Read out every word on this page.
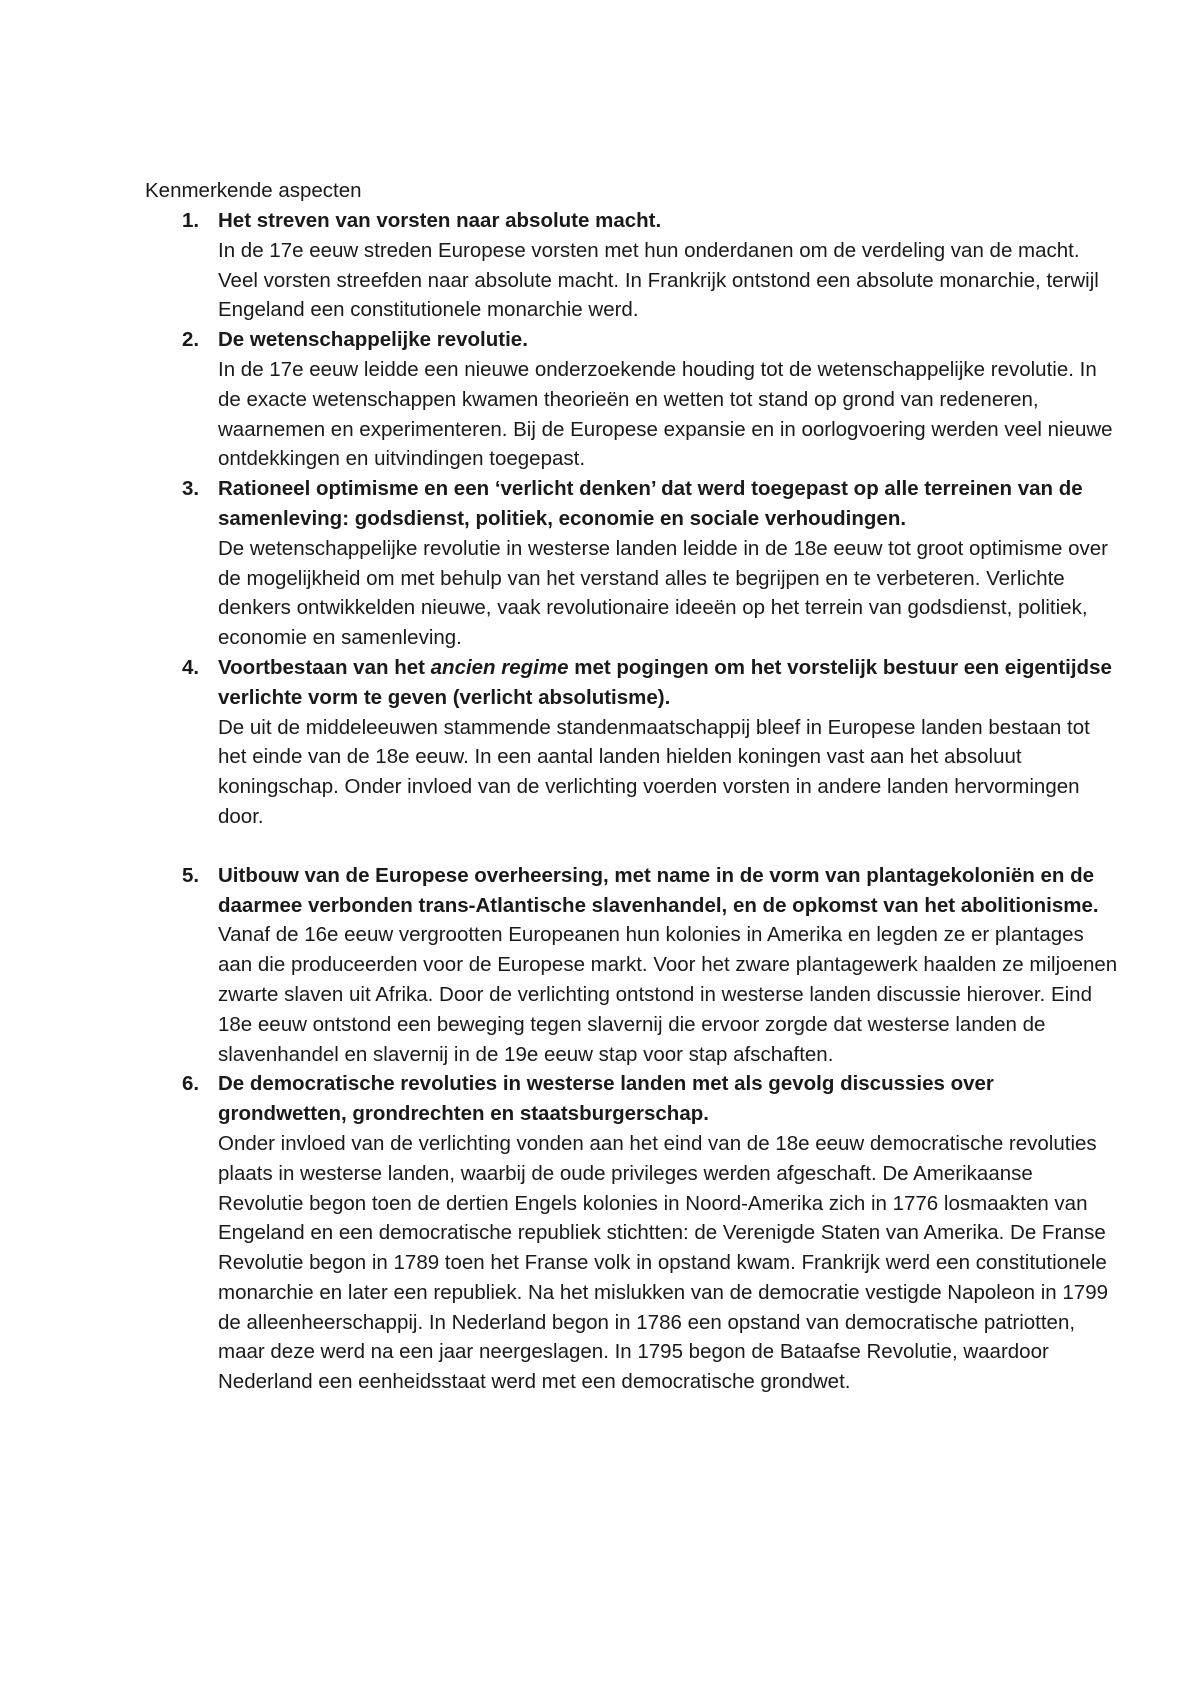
Kenmerkende aspecten

1. Het streven van vorsten naar absolute macht.
In de 17e eeuw streden Europese vorsten met hun onderdanen om de verdeling van de macht. Veel vorsten streefden naar absolute macht. In Frankrijk ontstond een absolute monarchie, terwijl Engeland een constitutionele monarchie werd.
2. De wetenschappelijke revolutie.
In de 17e eeuw leidde een nieuwe onderzoekende houding tot de wetenschappelijke revolutie. In de exacte wetenschappen kwamen theorieën en wetten tot stand op grond van redeneren, waarnemen en experimenteren. Bij de Europese expansie en in oorlogvoering werden veel nieuwe ontdekkingen en uitvindingen toegepast.
3. Rationeel optimisme en een ‘verlicht denken’ dat werd toegepast op alle terreinen van de samenleving: godsdienst, politiek, economie en sociale verhoudingen.
De wetenschappelijke revolutie in westerse landen leidde in de 18e eeuw tot groot optimisme over de mogelijkheid om met behulp van het verstand alles te begrijpen en te verbeteren. Verlichte denkers ontwikkelden nieuwe, vaak revolutionaire ideeën op het terrein van godsdienst, politiek, economie en samenleving.
4. Voortbestaan van het ancien regime met pogingen om het vorstelijk bestuur een eigentijdse verlichte vorm te geven (verlicht absolutisme).
De uit de middeleeuwen stammende standenmaatschappij bleef in Europese landen bestaan tot het einde van de 18e eeuw. In een aantal landen hielden koningen vast aan het absoluut koningschap. Onder invloed van de verlichting voerden vorsten in andere landen hervormingen door.
5. Uitbouw van de Europese overheersing, met name in de vorm van plantagekoloniën en de daarmee verbonden trans-Atlantische slavenhandel, en de opkomst van het abolitionisme.
Vanaf de 16e eeuw vergrootten Europeanen hun kolonies in Amerika en legden ze er plantages aan die produceerden voor de Europese markt. Voor het zware plantagewerk haalden ze miljoenen zwarte slaven uit Afrika. Door de verlichting ontstond in westerse landen discussie hierover. Eind 18e eeuw ontstond een beweging tegen slavernij die ervoor zorgde dat westerse landen de slavenhandel en slavernij in de 19e eeuw stap voor stap afschaften.
6. De democratische revoluties in westerse landen met als gevolg discussies over grondwetten, grondrechten en staatsburgerschap.
Onder invloed van de verlichting vonden aan het eind van de 18e eeuw democratische revoluties plaats in westerse landen, waarbij de oude privileges werden afgeschaft. De Amerikaanse Revolutie begon toen de dertien Engels kolonies in Noord-Amerika zich in 1776 losmaakten van Engeland en een democratische republiek stichtten: de Verenigde Staten van Amerika. De Franse Revolutie begon in 1789 toen het Franse volk in opstand kwam. Frankrijk werd een constitutionele monarchie en later een republiek. Na het mislukken van de democratie vestigde Napoleon in 1799 de alleenheerschappij. In Nederland begon in 1786 een opstand van democratische patriotten, maar deze werd na een jaar neergeslagen. In 1795 begon de Bataafse Revolutie, waardoor Nederland een eenheidsstaat werd met een democratische grondwet.
